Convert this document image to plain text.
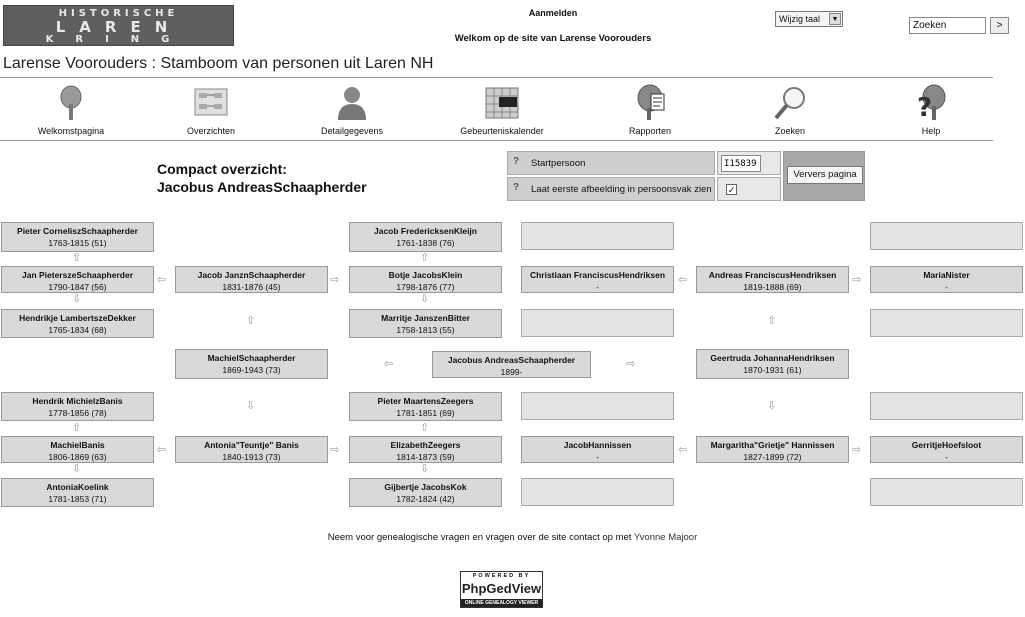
HISTORISCHE
LAREN
KRING
Aanmelden
Welkom op de site van Larense Voorouders
Wijzig taal	▼
Zoeken
>
Larense Voorouders : Stamboom van personen uit Laren NH
Welkomstpagina	Overzichten	Detailgegevens	Gebeurteniskalender	Rapporten	Zoeken
?
Help
Compact overzicht:
Jacobus AndreasSchaapherder
?	Startpersoon
I15839
?	Laat eerste afbeelding in persoonsvak zien ✓
Ververs pagina
Pieter CorneliszSchaapherder
1763-1815 (51)
⇧
Jan PieterszeSchaapherder
1790-1847 (56)
⇩
Hendrikje LambertszeDekker
1765-1834 (68)
Hendrik MichielzBanis
1778-1856 (78)
⇧
MachielBanis
1806-1869 (63)
⇩
AntoniaKoelink
1781-1853 (71)
⇦	Jacob JanznSchaapherder
1831-1876 (45)
⇨
⇧
MachielSchaapherder
1869-1943 (73)
⇩
⇦	Antonia"Teuntje" Banis
1840-1913 (73)
⇨
Jacob FredericksenKleijn
1761-1838 (76)
⇧
Botje JacobsKlein
1798-1876 (77)
⇩
Marritje JanszenBitter
1758-1813 (55)
Pieter MaartensZeegers
1781-1851 (69)
⇧
ElizabethZeegers
1814-1873 (59)
⇩
Gijbertje JacobsKok
1782-1824 (42)
⇦	Jacobus AndreasSchaapherder
1899-
⇨
Christiaan FranciscusHendriksen
-
JacobHannissen
-
⇦	Andreas FranciscusHendriksen
1819-1888 (69)
⇨
⇧
Geertruda JohannaHendriksen
1870-1931 (61)
⇩
⇦	Margaritha"Grietje" Hannissen
1827-1899 (72)
⇨
MariaNister
-
GerritjeHoefsloot
-
Neem voor genealogische vragen en vragen over de site contact op met Yvonne Majoor
POWERED BY
PhpGedView
ONLINE GENEALOGY VIEWER
